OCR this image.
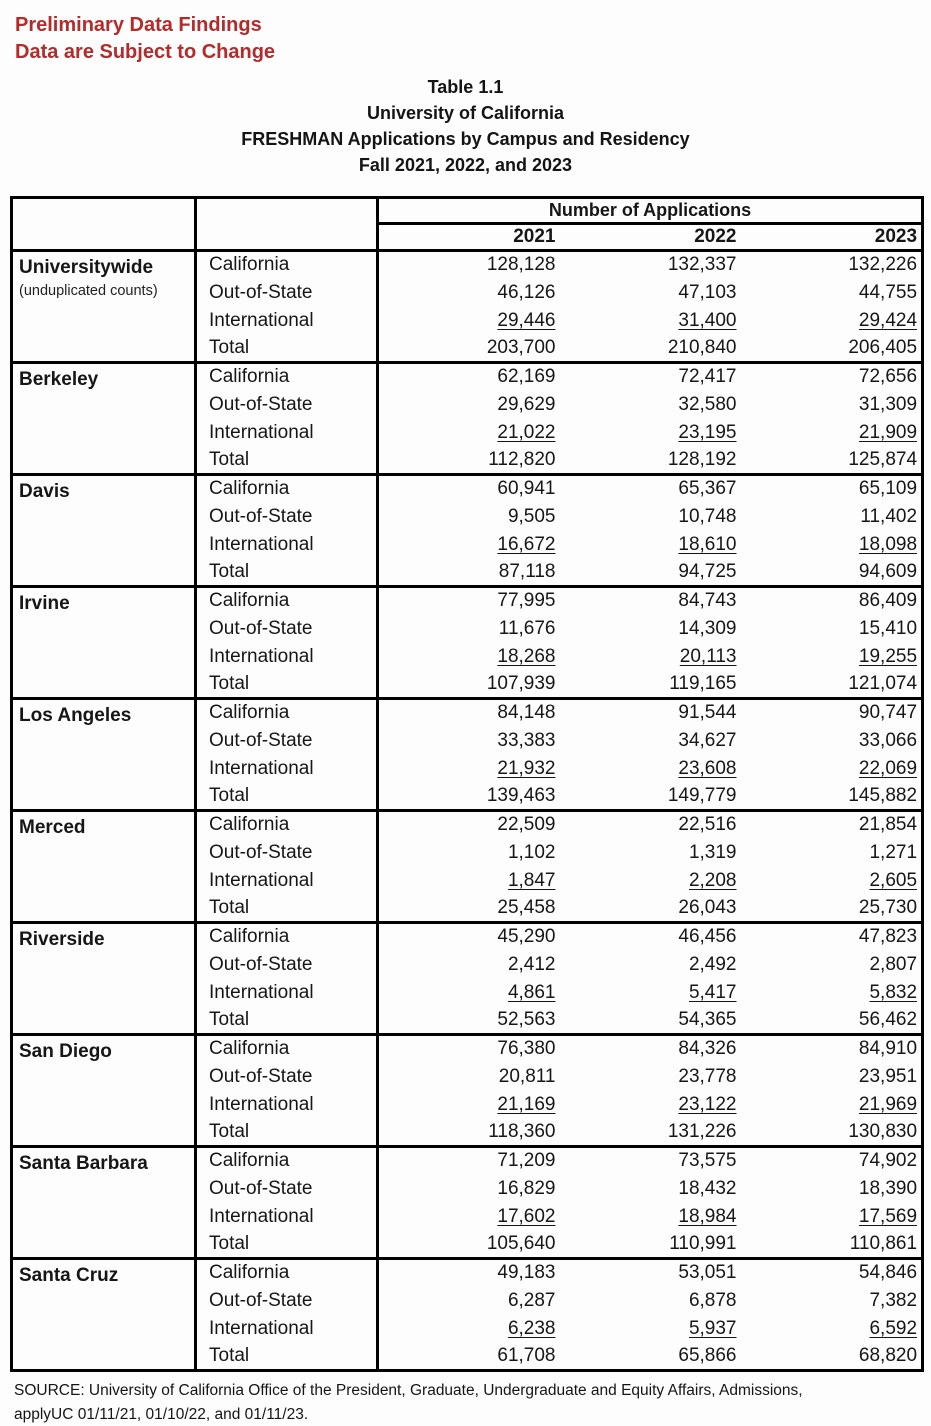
Preliminary Data Findings
Data are Subject to Change
Table 1.1
University of California
FRESHMAN Applications by Campus and Residency
Fall 2021, 2022, and 2023
		Number of Applications		
		2021	2022	2023

Universitywide
(unduplicated counts)	California	128,128	132,337	132,226
	Out-of-State	46,126	47,103	44,755
	International	29,446	31,400	29,424
	Total	203,700	210,840	206,405

Berkeley	California	62,169	72,417	72,656
	Out-of-State	29,629	32,580	31,309
	International	21,022	23,195	21,909
	Total	112,820	128,192	125,874

Davis	California	60,941	65,367	65,109
	Out-of-State	9,505	10,748	11,402
	International	16,672	18,610	18,098
	Total	87,118	94,725	94,609

Irvine	California	77,995	84,743	86,409
	Out-of-State	11,676	14,309	15,410
	International	18,268	20,113	19,255
	Total	107,939	119,165	121,074

Los Angeles	California	84,148	91,544	90,747
	Out-of-State	33,383	34,627	33,066
	International	21,932	23,608	22,069
	Total	139,463	149,779	145,882

Merced	California	22,509	22,516	21,854
	Out-of-State	1,102	1,319	1,271
	International	1,847	2,208	2,605
	Total	25,458	26,043	25,730

Riverside	California	45,290	46,456	47,823
	Out-of-State	2,412	2,492	2,807
	International	4,861	5,417	5,832
	Total	52,563	54,365	56,462

San Diego	California	76,380	84,326	84,910
	Out-of-State	20,811	23,778	23,951
	International	21,169	23,122	21,969
	Total	118,360	131,226	130,830

Santa Barbara	California	71,209	73,575	74,902
	Out-of-State	16,829	18,432	18,390
	International	17,602	18,984	17,569
	Total	105,640	110,991	110,861

Santa Cruz	California	49,183	53,051	54,846
	Out-of-State	6,287	6,878	7,382
	International	6,238	5,937	6,592
	Total	61,708	65,866	68,820
SOURCE: University of California Office of the President, Graduate, Undergraduate and Equity Affairs, Admissions,
applyUC 01/11/21, 01/10/22, and 01/11/23.
